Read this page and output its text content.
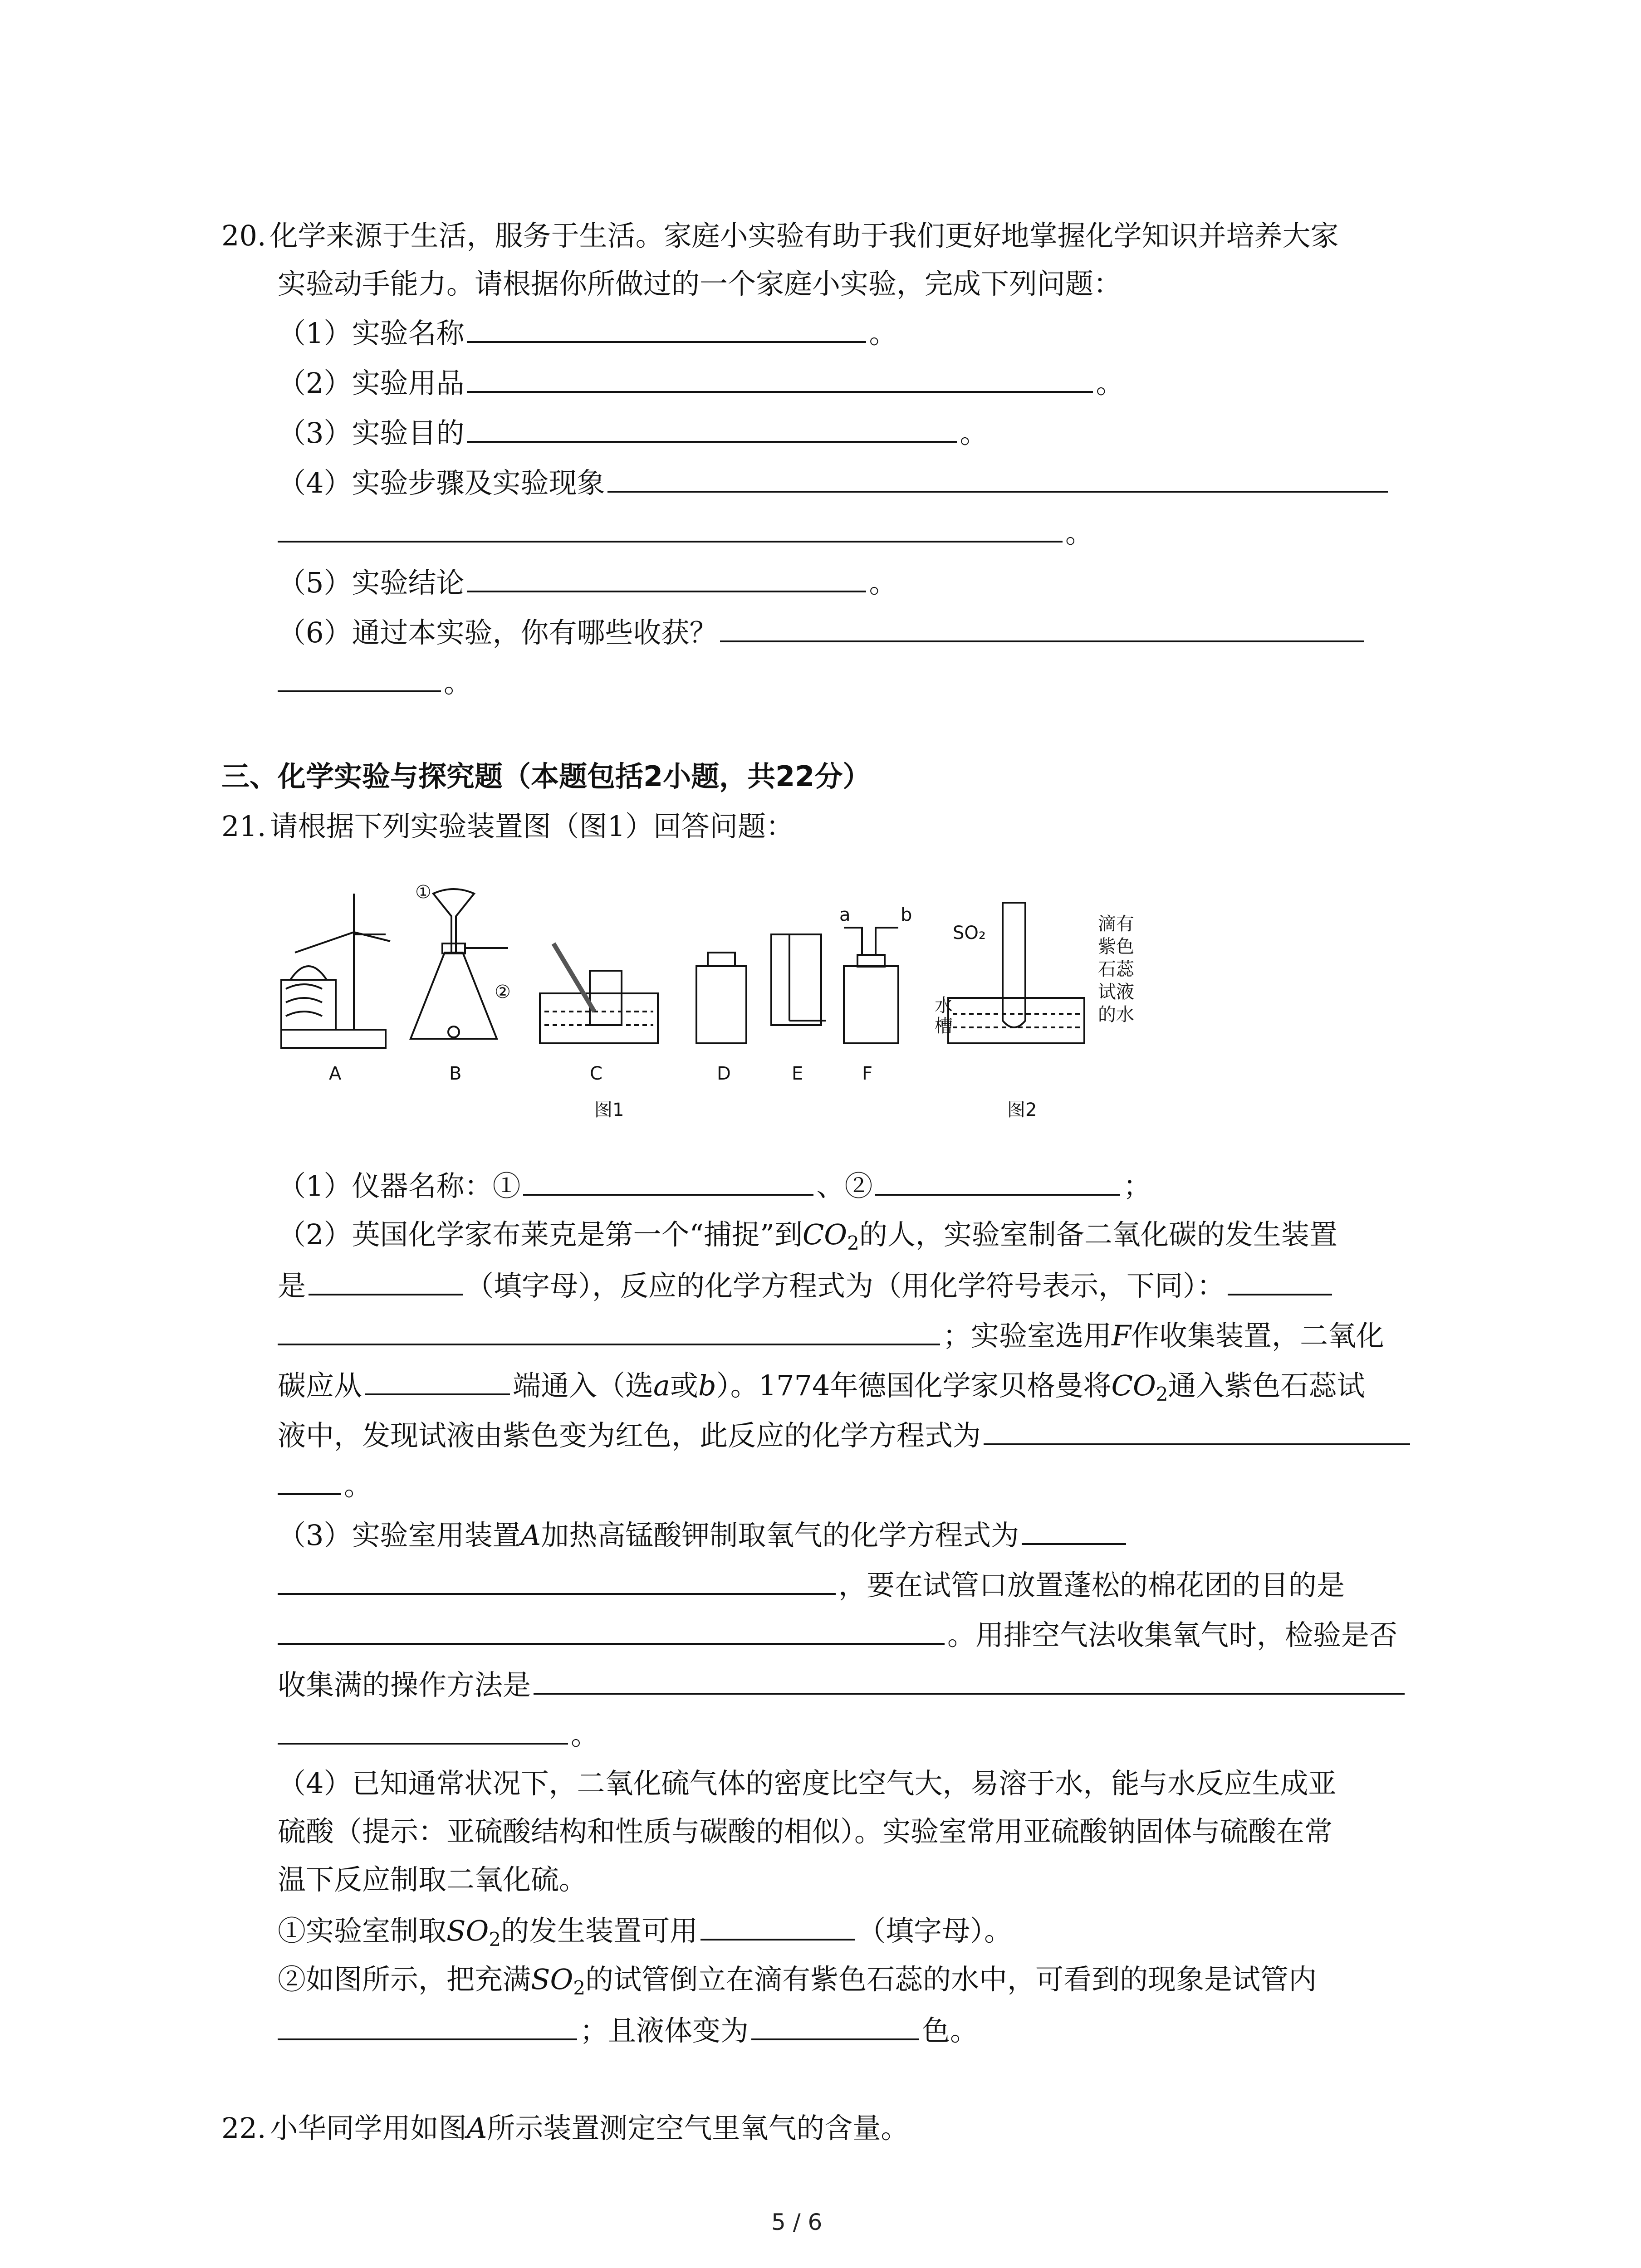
20. 化学来源于生活，服务于生活。家庭小实验有助于我们更好地掌握化学知识并培养大家
实验动手能力。请根据你所做过的一个家庭小实验，完成下列问题：
（1）实验名称	。
（2）实验用品	。
（3）实验目的	。
（4）实验步骤及实验现象
。
（5）实验结论	。
（6）通过本实验，你有哪些收获？
。
三、化学实验与探究题（本题包括2小题，共22分）
21. 请根据下列实验装置图（图1）回答问题：
A	B	C	D	E	F
图1	图2
①
②
a	b
SO₂
水
槽
滴有
紫色
石蕊
试液
的水
（1）仪器名称：①	、②	；
（2）英国化学家布莱克是第一个“捕捉”到$CO_2$的人，实验室制备二氧化碳的发生装置
是	（填字母），反应的化学方程式为（用化学符号表示，下同）：
；实验室选用F作收集装置，二氧化
碳应从	端通入（选a或b）。1774年德国化学家贝格曼将$CO_2$通入紫色石蕊试
液中，发现试液由紫色变为红色，此反应的化学方程式为
。
（3）实验室用装置A加热高锰酸钾制取氧气的化学方程式为
，要在试管口放置蓬松的棉花团的目的是
。用排空气法收集氧气时，检验是否
收集满的操作方法是
。
（4）已知通常状况下，二氧化硫气体的密度比空气大，易溶于水，能与水反应生成亚
硫酸（提示：亚硫酸结构和性质与碳酸的相似）。实验室常用亚硫酸钠固体与硫酸在常
温下反应制取二氧化硫。
①实验室制取$SO_2$的发生装置可用	（填字母）。
②如图所示，把充满$SO_2$的试管倒立在滴有紫色石蕊的水中，可看到的现象是试管内
；且液体变为	色。
22. 小华同学用如图A所示装置测定空气里氧气的含量。
5 / 6
